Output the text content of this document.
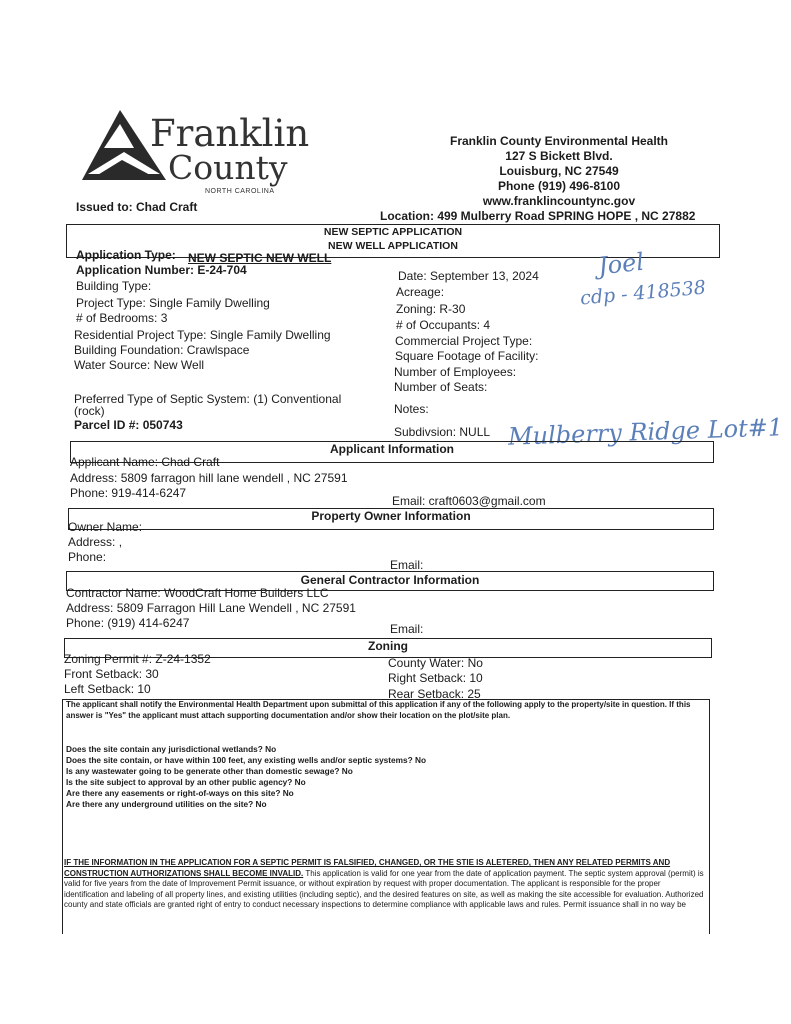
Franklin
County
NORTH CAROLINA
Franklin County Environmental Health
127 S Bickett Blvd.
Louisburg, NC 27549
Phone (919) 496-8100
www.franklincountync.gov
Issued to: Chad Craft
Location: 499 Mulberry Road SPRING HOPE , NC 27882
NEW SEPTIC APPLICATION
NEW WELL APPLICATION
Application Type: NEW SEPTIC NEW WELL
Application Number: E-24-704
Building Type:
Project Type: Single Family Dwelling
# of Bedrooms: 3
Residential Project Type: Single Family Dwelling
Building Foundation: Crawlspace
Water Source: New Well
Preferred Type of Septic System: (1) Conventional
(rock)
Parcel ID #: 050743
Date: September 13, 2024
Acreage:
Zoning: R-30
# of Occupants: 4
Commercial Project Type:
Square Footage of Facility:
Number of Employees:
Number of Seats:
Notes:
Subdivsion: NULL
Joel
cdp - 418538
Mulberry Ridge Lot#1
Applicant Information
Applicant Name: Chad Craft
Address: 5809 farragon hill lane wendell , NC 27591
Phone: 919-414-6247
Email: craft0603@gmail.com
Property Owner Information
Owner Name:
Address: ,
Phone:
Email:
General Contractor Information
Contractor Name: WoodCraft Home Builders LLC
Address: 5809 Farragon Hill Lane Wendell , NC 27591
Phone: (919) 414-6247	Email:
Zoning
Zoning Permit #: Z-24-1352
Front Setback: 30
Left Setback: 10
County Water: No
Right Setback: 10
Rear Setback: 25
The applicant shall notify the Environmental Health Department upon submittal of this application if any of the following apply to the property/site in question. If this answer is "Yes" the applicant must attach supporting documentation and/or show their location on the plot/site plan.
Does the site contain any jurisdictional wetlands? No
Does the site contain, or have within 100 feet, any existing wells and/or septic systems? No
Is any wastewater going to be generate other than domestic sewage? No
Is the site subject to approval by an other public agency? No
Are there any easements or right-of-ways on this site? No
Are there any underground utilities on the site? No
IF THE INFORMATION IN THE APPLICATION FOR A SEPTIC PERMIT IS FALSIFIED, CHANGED, OR THE STIE IS ALETERED, THEN ANY RELATED PERMITS AND CONSTRUCTION AUTHORIZATIONS SHALL BECOME INVALID. This application is valid for one year from the date of application payment. The septic system approval (permit) is valid for five years from the date of Improvement Permit issuance, or without expiration by request with proper documentation. The applicant is responsible for the proper identification and labeling of all property lines, and existing utilities (including septic), and the desired features on site, as well as making the site accessible for evaluation. Authorized county and state officials are granted right of entry to conduct necessary inspections to determine compliance with applicable laws and rules. Permit issuance shall in no way be
